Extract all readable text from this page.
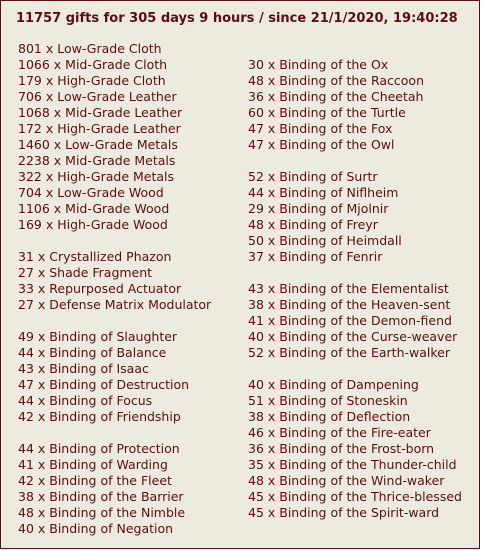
11757 gifts for 305 days 9 hours / since 21/1/2020, 19:40:28
801 x Low-Grade Cloth
1066 x Mid-Grade Cloth
179 x High-Grade Cloth
706 x Low-Grade Leather
1068 x Mid-Grade Leather
172 x High-Grade Leather
1460 x Low-Grade Metals
2238 x Mid-Grade Metals
322 x High-Grade Metals
704 x Low-Grade Wood
1106 x Mid-Grade Wood
169 x High-Grade Wood
31 x Crystallized Phazon
27 x Shade Fragment
33 x Repurposed Actuator
27 x Defense Matrix Modulator
49 x Binding of Slaughter
44 x Binding of Balance
43 x Binding of Isaac
47 x Binding of Destruction
44 x Binding of Focus
42 x Binding of Friendship
44 x Binding of Protection
41 x Binding of Warding
42 x Binding of the Fleet
38 x Binding of the Barrier
48 x Binding of the Nimble
40 x Binding of Negation
30 x Binding of the Ox
48 x Binding of the Raccoon
36 x Binding of the Cheetah
60 x Binding of the Turtle
47 x Binding of the Fox
47 x Binding of the Owl
52 x Binding of Surtr
44 x Binding of Niflheim
29 x Binding of Mjolnir
48 x Binding of Freyr
50 x Binding of Heimdall
37 x Binding of Fenrir
43 x Binding of the Elementalist
38 x Binding of the Heaven-sent
41 x Binding of the Demon-fiend
40 x Binding of the Curse-weaver
52 x Binding of the Earth-walker
40 x Binding of Dampening
51 x Binding of Stoneskin
38 x Binding of Deflection
46 x Binding of the Fire-eater
36 x Binding of the Frost-born
35 x Binding of the Thunder-child
48 x Binding of the Wind-waker
45 x Binding of the Thrice-blessed
45 x Binding of the Spirit-ward
